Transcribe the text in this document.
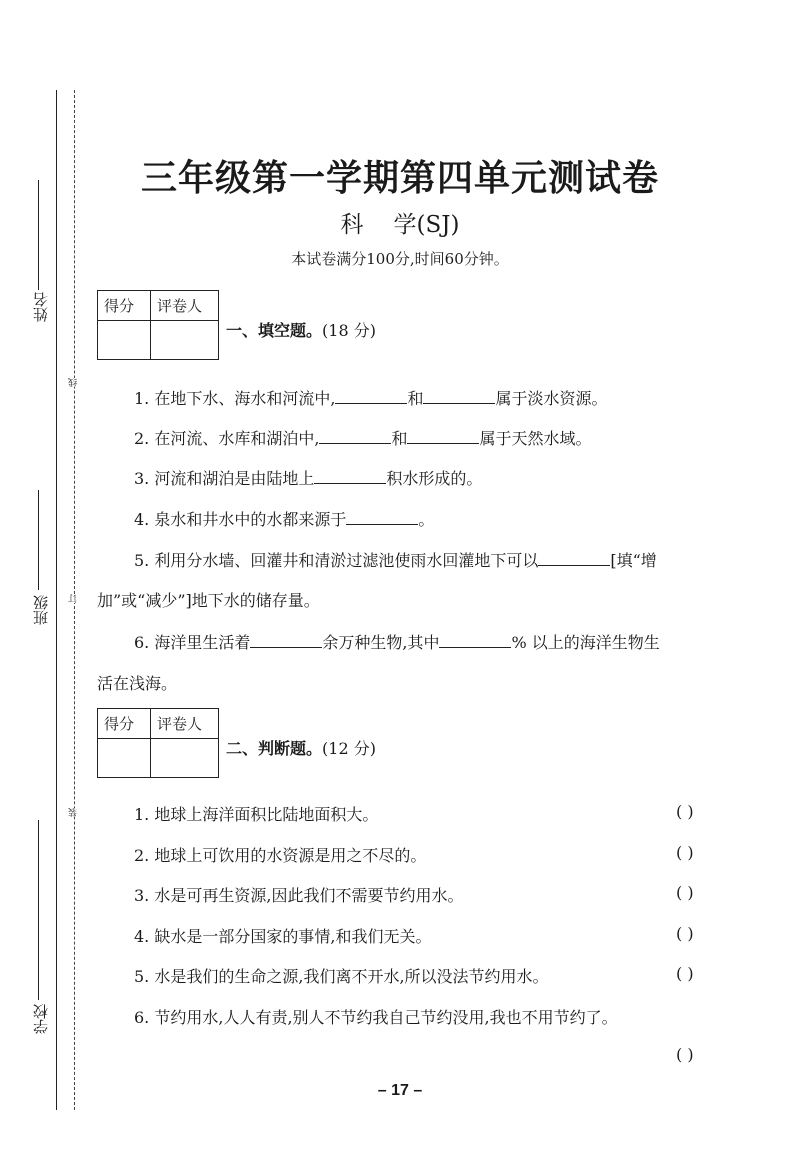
姓名
班级
学校
线
订
装
三年级第一学期第四单元测试卷
科 学(SJ)
本试卷满分100分,时间60分钟。
得分 评卷人
一、填空题。(18 分)
1. 在地下水、海水和河流中,	和	属于淡水资源。
2. 在河流、水库和湖泊中,	和	属于天然水域。
3. 河流和湖泊是由陆地上	积水形成的。
4. 泉水和井水中的水都来源于	。
5. 利用分水墙、回灌井和清淤过滤池使雨水回灌地下可以	[填“增
加”或“减少”]地下水的储存量。
6. 海洋里生活着	余万种生物,其中	% 以上的海洋生物生
活在浅海。
得分 评卷人
二、判断题。(12 分)
1. 地球上海洋面积比陆地面积大。	( )
2. 地球上可饮用的水资源是用之不尽的。	( )
3. 水是可再生资源,因此我们不需要节约用水。	( )
4. 缺水是一部分国家的事情,和我们无关。	( )
5. 水是我们的生命之源,我们离不开水,所以没法节约用水。	( )
6. 节约用水,人人有责,别人不节约我自己节约没用,我也不用节约了。
( )
– 17 –
